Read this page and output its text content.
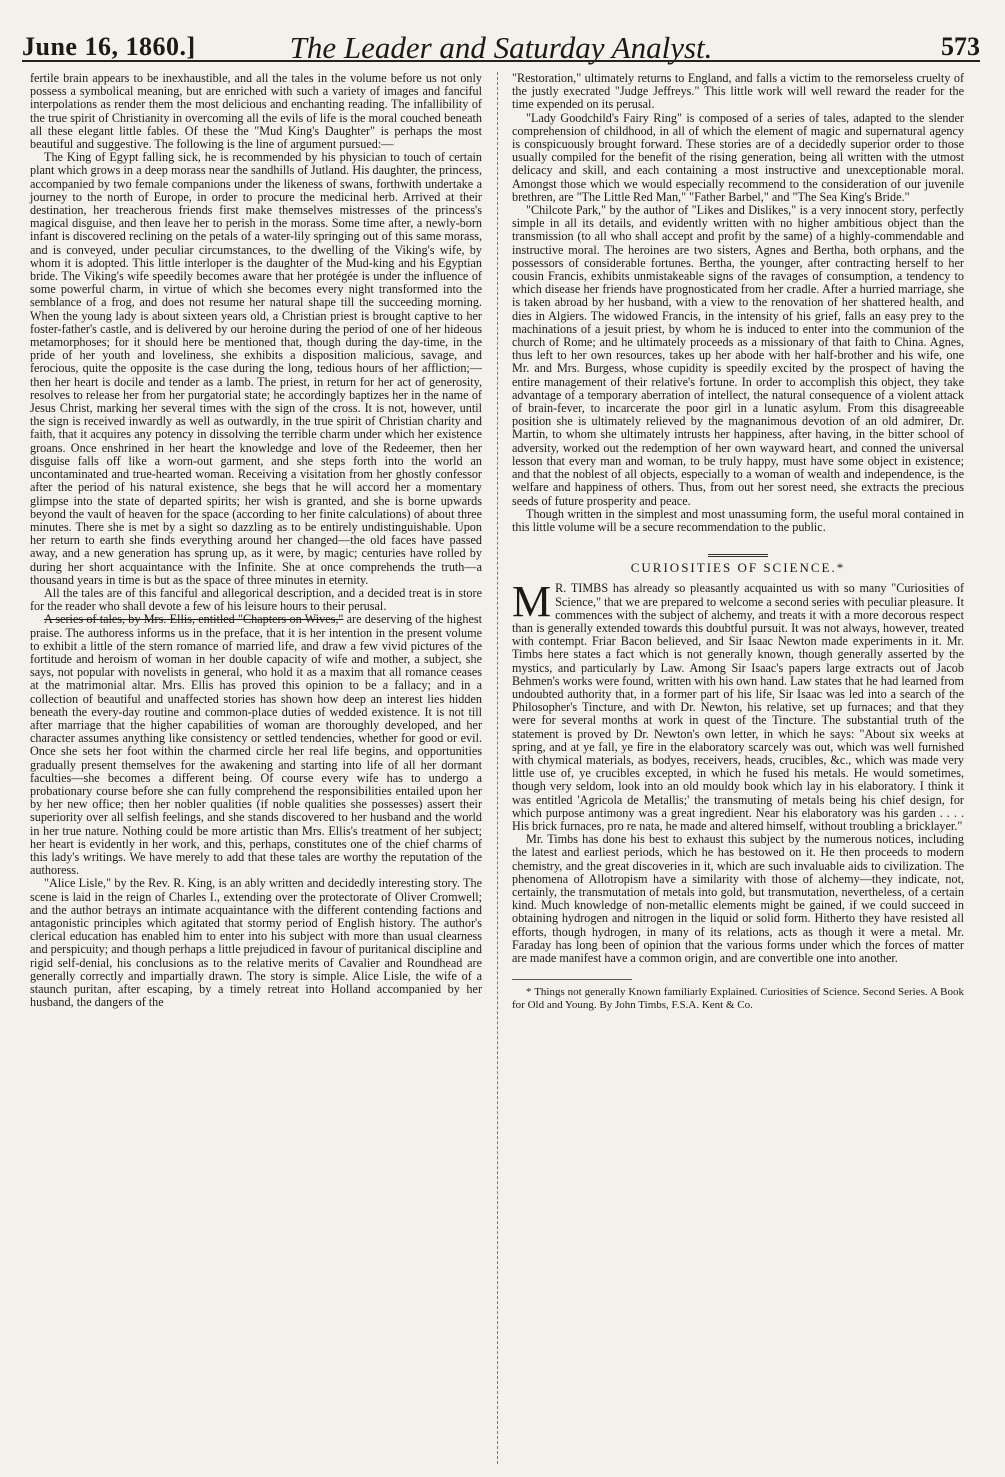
June 16, 1860.]	The Leader and Saturday Analyst.	573

fertile brain appears to be inexhaustible, and all the tales in the volume before us not only possess a symbolical meaning, but are enriched with such a variety of images and fanciful interpolations as render them the most delicious and enchanting reading. The infallibility of the true spirit of Christianity in overcoming all the evils of life is the moral couched beneath all these elegant little fables. Of these the "Mud King's Daughter" is perhaps the most beautiful and suggestive. The following is the line of argument pursued:—

The King of Egypt falling sick, he is recommended by his physician to touch of certain plant which grows in a deep morass near the sandhills of Jutland. His daughter, the princess, accompanied by two female companions under the likeness of swans, forthwith undertake a journey to the north of Europe, in order to procure the medicinal herb. Arrived at their destination, her treacherous friends first make themselves mistresses of the princess's magical disguise, and then leave her to perish in the morass. Some time after, a newly-born infant is discovered reclining on the petals of a water-lily springing out of this same morass, and is conveyed, under peculiar circumstances, to the dwelling of the Viking's wife, by whom it is adopted. This little interloper is the daughter of the Mud-king and his Egyptian bride. The Viking's wife speedily becomes aware that her protégée is under the influence of some powerful charm, in virtue of which she becomes every night transformed into the semblance of a frog, and does not resume her natural shape till the succeeding morning. When the young lady is about sixteen years old, a Christian priest is brought captive to her foster-father's castle, and is delivered by our heroine during the period of one of her hideous metamorphoses; for it should here be mentioned that, though during the day-time, in the pride of her youth and loveliness, she exhibits a disposition malicious, savage, and ferocious, quite the opposite is the case during the long, tedious hours of her affliction;—then her heart is docile and tender as a lamb. The priest, in return for her act of generosity, resolves to release her from her purgatorial state; he accordingly baptizes her in the name of Jesus Christ, marking her several times with the sign of the cross. It is not, however, until the sign is received inwardly as well as outwardly, in the true spirit of Christian charity and faith, that it acquires any potency in dissolving the terrible charm under which her existence groans. Once enshrined in her heart the knowledge and love of the Redeemer, then her disguise falls off like a worn-out garment, and she steps forth into the world an uncontaminated and true-hearted woman. Receiving a visitation from her ghostly confessor after the period of his natural existence, she begs that he will accord her a momentary glimpse into the state of departed spirits; her wish is granted, and she is borne upwards beyond the vault of heaven for the space (according to her finite calculations) of about three minutes. There she is met by a sight so dazzling as to be entirely undistinguishable. Upon her return to earth she finds everything around her changed—the old faces have passed away, and a new generation has sprung up, as it were, by magic; centuries have rolled by during her short acquaintance with the Infinite. She at once comprehends the truth—a thousand years in time is but as the space of three minutes in eternity.

All the tales are of this fanciful and allegorical description, and a decided treat is in store for the reader who shall devote a few of his leisure hours to their perusal.

A series of tales, by Mrs. Ellis, entitled "Chapters on Wives," are deserving of the highest praise. The authoress informs us in the preface, that it is her intention in the present volume to exhibit a little of the stern romance of married life, and draw a few vivid pictures of the fortitude and heroism of woman in her double capacity of wife and mother, a subject, she says, not popular with novelists in general, who hold it as a maxim that all romance ceases at the matrimonial altar. Mrs. Ellis has proved this opinion to be a fallacy; and in a collection of beautiful and unaffected stories has shown how deep an interest lies hidden beneath the every-day routine and common-place duties of wedded existence. It is not till after marriage that the higher capabilities of woman are thoroughly developed, and her character assumes anything like consistency or settled tendencies, whether for good or evil. Once she sets her foot within the charmed circle her real life begins, and opportunities gradually present themselves for the awakening and starting into life of all her dormant faculties—she becomes a different being. Of course every wife has to undergo a probationary course before she can fully comprehend the responsibilities entailed upon her by her new office; then her nobler qualities (if noble qualities she possesses) assert their superiority over all selfish feelings, and she stands discovered to her husband and the world in her true nature. Nothing could be more artistic than Mrs. Ellis's treatment of her subject; her heart is evidently in her work, and this, perhaps, constitutes one of the chief charms of this lady's writings. We have merely to add that these tales are worthy the reputation of the authoress.

"Alice Lisle," by the Rev. R. King, is an ably written and decidedly interesting story. The scene is laid in the reign of Charles I., extending over the protectorate of Oliver Cromwell; and the author betrays an intimate acquaintance with the different contending factions and antagonistic principles which agitated that stormy period of English history. The author's clerical education has enabled him to enter into his subject with more than usual clearness and perspicuity; and though perhaps a little prejudiced in favour of puritanical discipline and rigid self-denial, his conclusions as to the relative merits of Cavalier and Roundhead are generally correctly and impartially drawn. The story is simple. Alice Lisle, the wife of a staunch puritan, after escaping, by a timely retreat into Holland accompanied by her husband, the dangers of the

"Restoration," ultimately returns to England, and falls a victim to the remorseless cruelty of the justly execrated "Judge Jeffreys." This little work will well reward the reader for the time expended on its perusal.

"Lady Goodchild's Fairy Ring" is composed of a series of tales, adapted to the slender comprehension of childhood, in all of which the element of magic and supernatural agency is conspicuously brought forward. These stories are of a decidedly superior order to those usually compiled for the benefit of the rising generation, being all written with the utmost delicacy and skill, and each containing a most instructive and unexceptionable moral. Amongst those which we would especially recommend to the consideration of our juvenile brethren, are "The Little Red Man," "Father Barbel," and "The Sea King's Bride."

"Chilcote Park," by the author of "Likes and Dislikes," is a very innocent story, perfectly simple in all its details, and evidently written with no higher ambitious object than the transmission (to all who shall accept and profit by the same) of a highly-commendable and instructive moral. The heroines are two sisters, Agnes and Bertha, both orphans, and the possessors of considerable fortunes. Bertha, the younger, after contracting herself to her cousin Francis, exhibits unmistakeable signs of the ravages of consumption, a tendency to which disease her friends have prognosticated from her cradle. After a hurried marriage, she is taken abroad by her husband, with a view to the renovation of her shattered health, and dies in Algiers. The widowed Francis, in the intensity of his grief, falls an easy prey to the machinations of a jesuit priest, by whom he is induced to enter into the communion of the church of Rome; and he ultimately proceeds as a missionary of that faith to China. Agnes, thus left to her own resources, takes up her abode with her half-brother and his wife, one Mr. and Mrs. Burgess, whose cupidity is speedily excited by the prospect of having the entire management of their relative's fortune. In order to accomplish this object, they take advantage of a temporary aberration of intellect, the natural consequence of a violent attack of brain-fever, to incarcerate the poor girl in a lunatic asylum. From this disagreeable position she is ultimately relieved by the magnanimous devotion of an old admirer, Dr. Martin, to whom she ultimately intrusts her happiness, after having, in the bitter school of adversity, worked out the redemption of her own wayward heart, and conned the universal lesson that every man and woman, to be truly happy, must have some object in existence; and that the noblest of all objects, especially to a woman of wealth and independence, is the welfare and happiness of others. Thus, from out her sorest need, she extracts the precious seeds of future prosperity and peace.

Though written in the simplest and most unassuming form, the useful moral contained in this little volume will be a secure recommendation to the public.

CURIOSITIES OF SCIENCE.*

M R. TIMBS has already so pleasantly acquainted us with so many "Curiosities of Science," that we are prepared to welcome a second series with peculiar pleasure. It commences with the subject of alchemy, and treats it with a more decorous respect than is generally extended towards this doubtful pursuit. It was not always, however, treated with contempt. Friar Bacon believed, and Sir Isaac Newton made experiments in it. Mr. Timbs here states a fact which is not generally known, though generally asserted by the mystics, and particularly by Law. Among Sir Isaac's papers large extracts out of Jacob Behmen's works were found, written with his own hand. Law states that he had learned from undoubted authority that, in a former part of his life, Sir Isaac was led into a search of the Philosopher's Tincture, and with Dr. Newton, his relative, set up furnaces; and that they were for several months at work in quest of the Tincture. The substantial truth of the statement is proved by Dr. Newton's own letter, in which he says: "About six weeks at spring, and at ye fall, ye fire in the elaboratory scarcely was out, which was well furnished with chymical materials, as bodyes, receivers, heads, crucibles, &c., which was made very little use of, ye crucibles excepted, in which he fused his metals. He would sometimes, though very seldom, look into an old mouldy book which lay in his elaboratory. I think it was entitled 'Agricola de Metallis;' the transmuting of metals being his chief design, for which purpose antimony was a great ingredient. Near his elaboratory was his garden . . . . His brick furnaces, pro re nata, he made and altered himself, without troubling a bricklayer."

Mr. Timbs has done his best to exhaust this subject by the numerous notices, including the latest and earliest periods, which he has bestowed on it. He then proceeds to modern chemistry, and the great discoveries in it, which are such invaluable aids to civilization. The phenomena of Allotropism have a similarity with those of alchemy—they indicate, not, certainly, the transmutation of metals into gold, but transmutation, nevertheless, of a certain kind. Much knowledge of non-metallic elements might be gained, if we could succeed in obtaining hydrogen and nitrogen in the liquid or solid form. Hitherto they have resisted all efforts, though hydrogen, in many of its relations, acts as though it were a metal. Mr. Faraday has long been of opinion that the various forms under which the forces of matter are made manifest have a common origin, and are convertible one into another.

* Things not generally Known familiarly Explained. Curiosities of Science. Second Series. A Book for Old and Young. By John Timbs, F.S.A. Kent & Co.
